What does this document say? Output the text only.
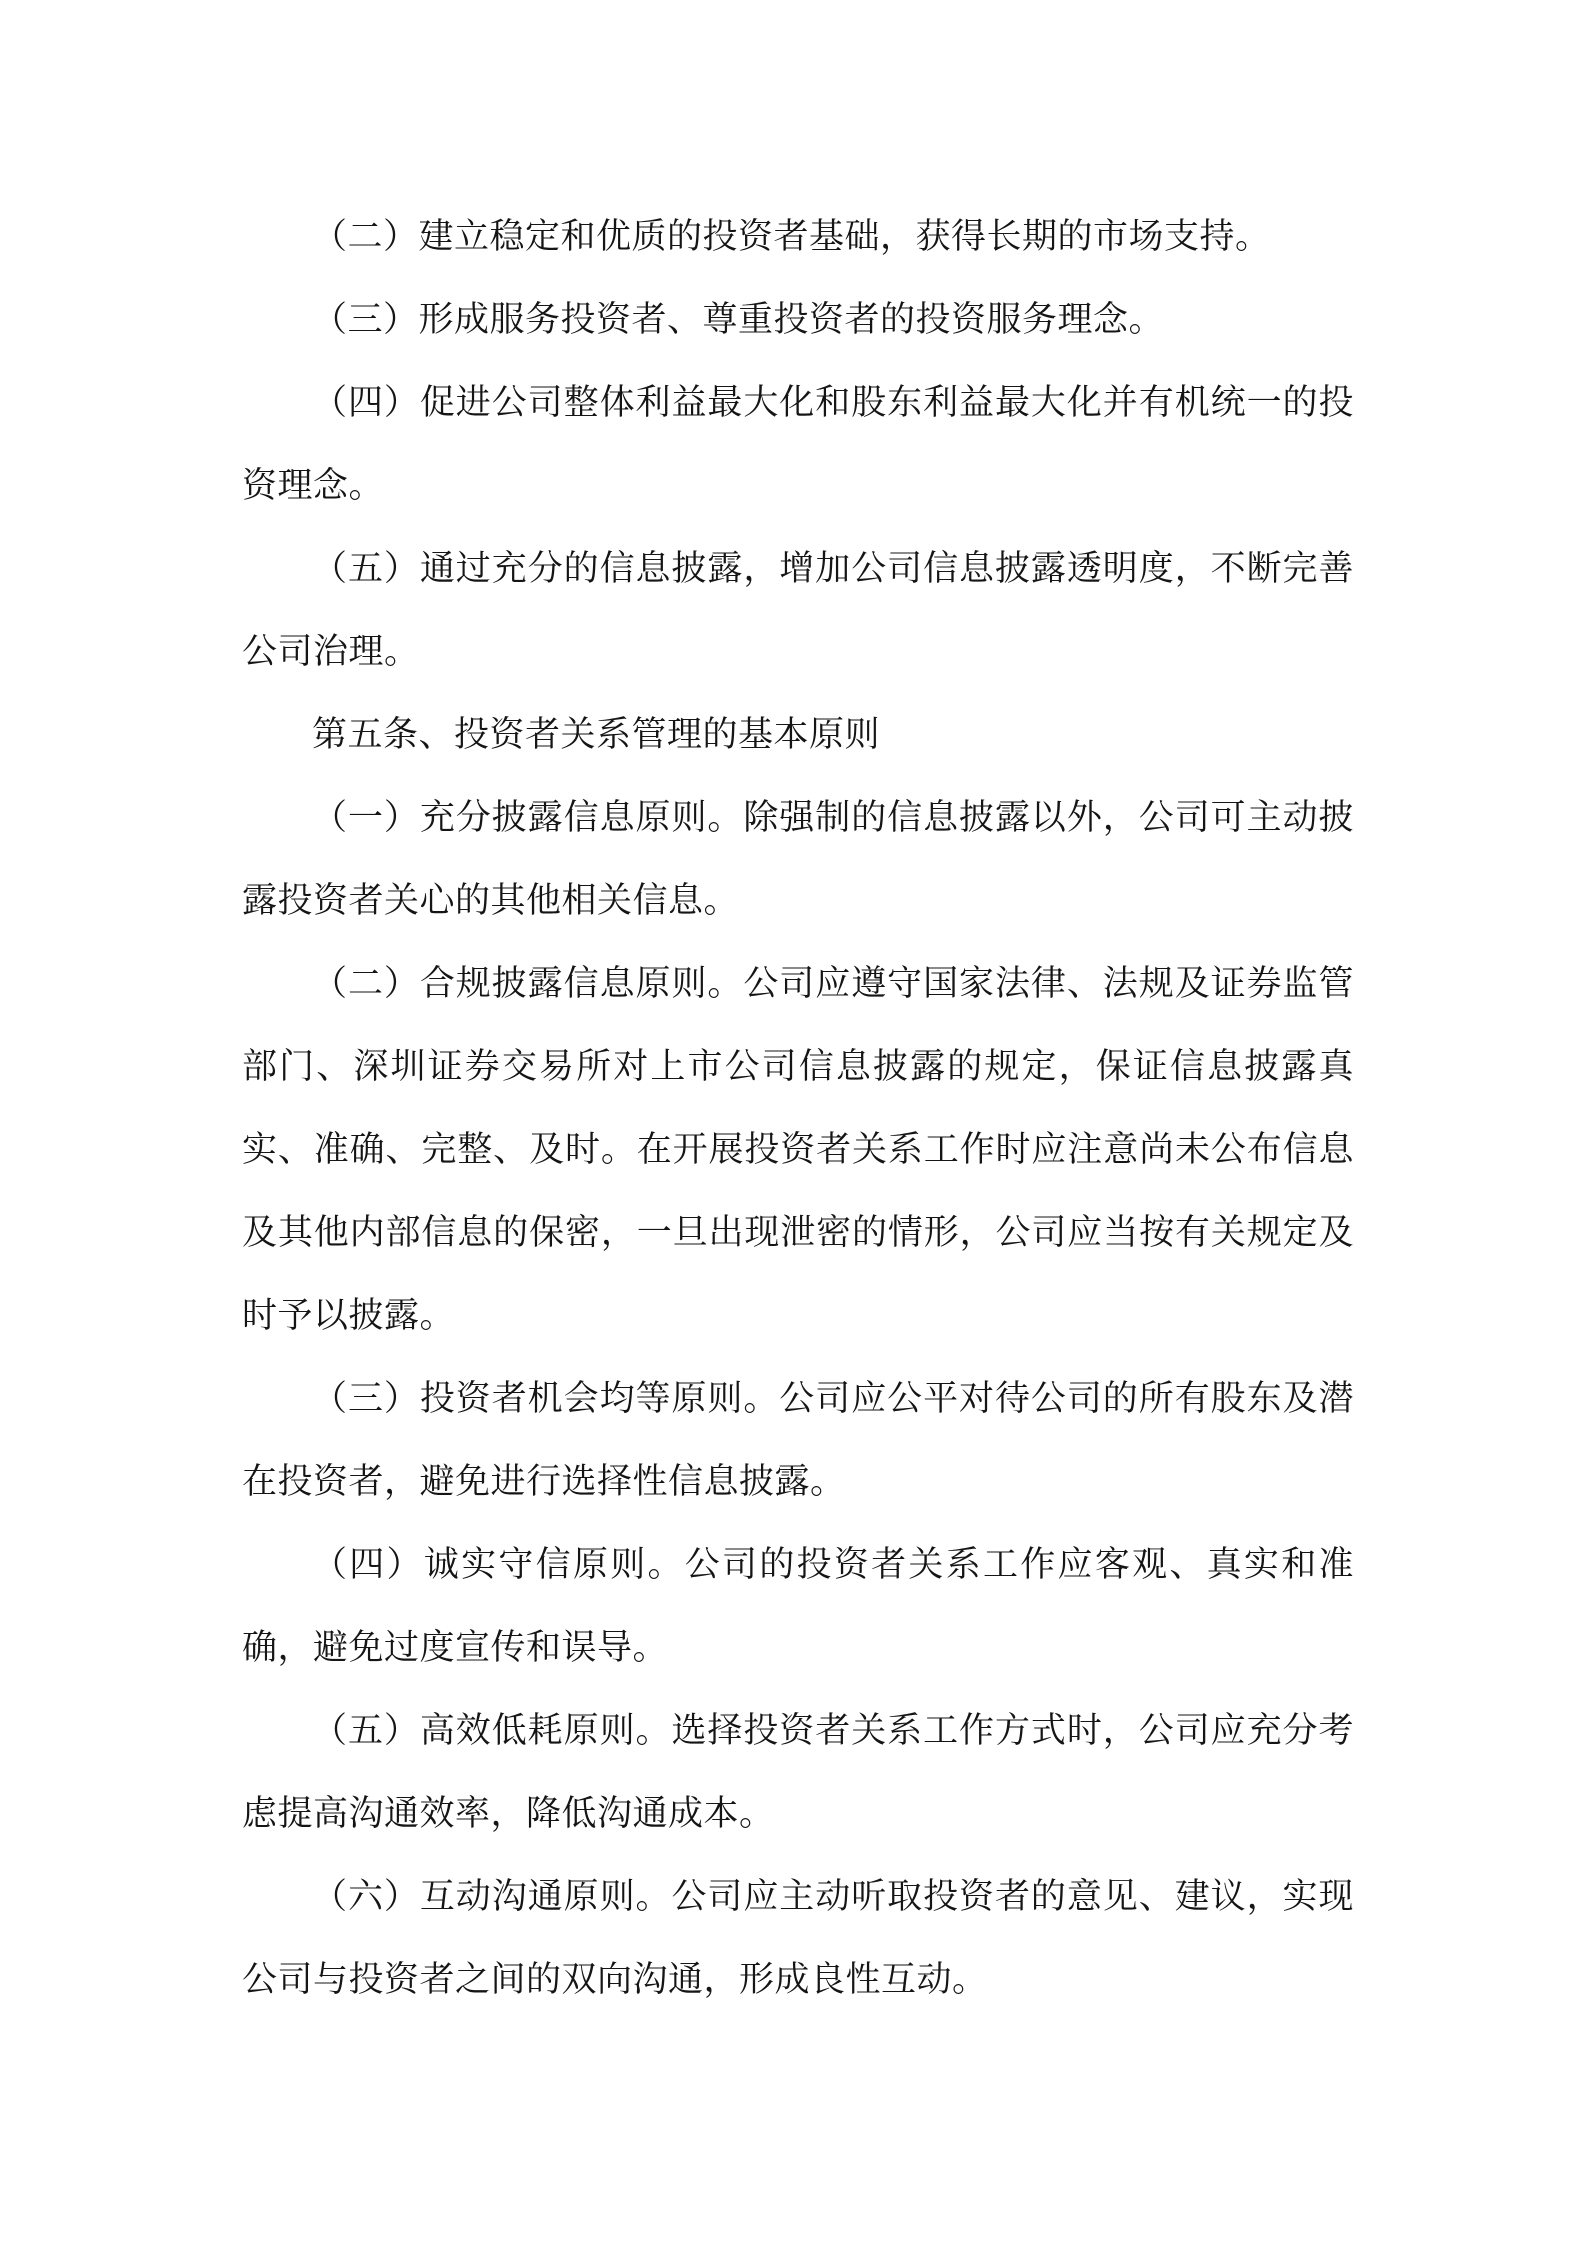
（二）建立稳定和优质的投资者基础，获得长期的市场支持。

（三）形成服务投资者、尊重投资者的投资服务理念。

（四）促进公司整体利益最大化和股东利益最大化并有机统一的投资理念。

（五）通过充分的信息披露，增加公司信息披露透明度，不断完善公司治理。

第五条、投资者关系管理的基本原则

（一）充分披露信息原则。除强制的信息披露以外，公司可主动披露投资者关心的其他相关信息。

（二）合规披露信息原则。公司应遵守国家法律、法规及证券监管部门、深圳证券交易所对上市公司信息披露的规定，保证信息披露真实、准确、完整、及时。在开展投资者关系工作时应注意尚未公布信息及其他内部信息的保密，一旦出现泄密的情形，公司应当按有关规定及时予以披露。

（三）投资者机会均等原则。公司应公平对待公司的所有股东及潜在投资者，避免进行选择性信息披露。

（四）诚实守信原则。公司的投资者关系工作应客观、真实和准确，避免过度宣传和误导。

（五）高效低耗原则。选择投资者关系工作方式时，公司应充分考虑提高沟通效率，降低沟通成本。

（六）互动沟通原则。公司应主动听取投资者的意见、建议，实现公司与投资者之间的双向沟通，形成良性互动。
